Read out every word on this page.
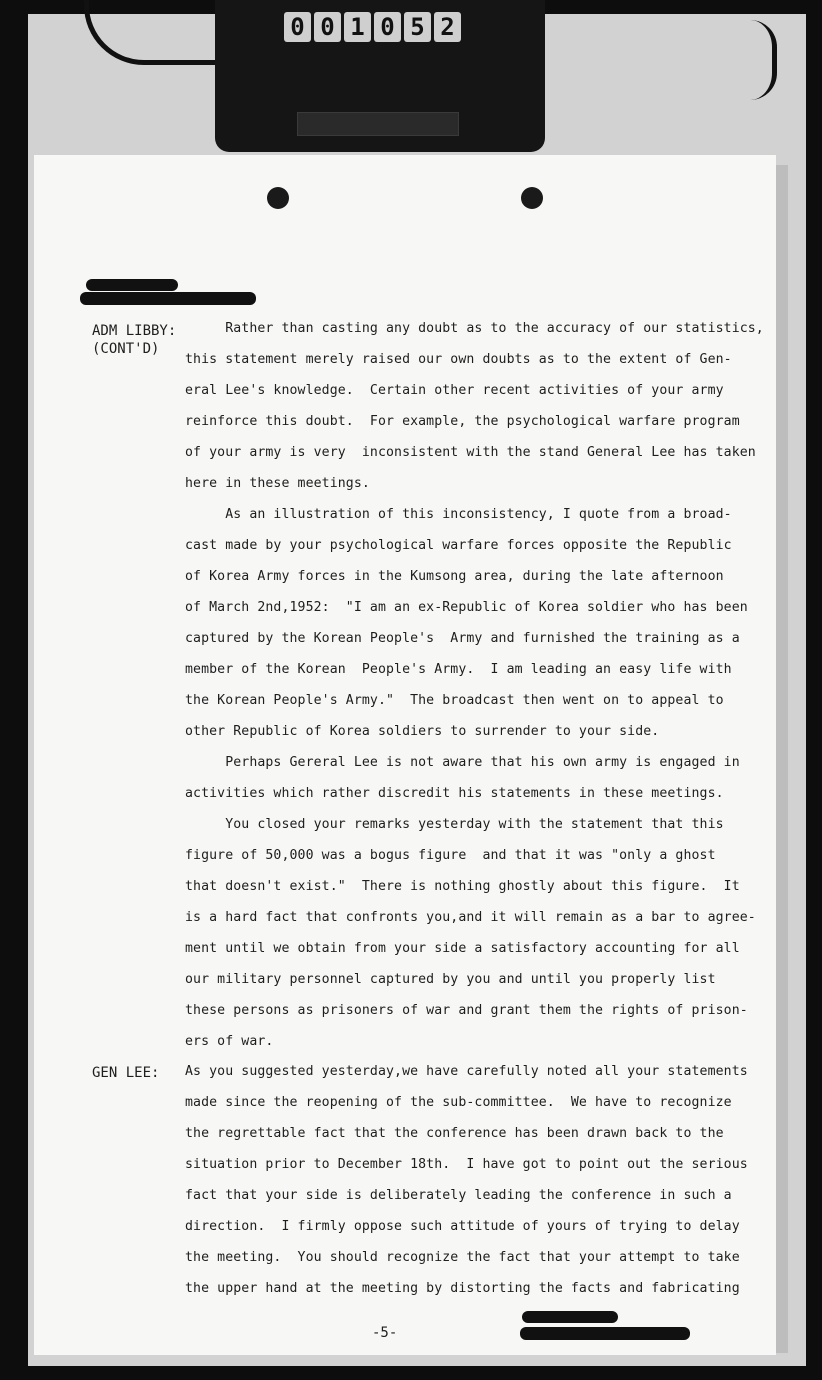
0 0 1 0 5 2
ADM LIBBY:
(CONT'D)
GEN LEE:
Rather than casting any doubt as to the accuracy of our statistics,
this statement merely raised our own doubts as to the extent of Gen-
eral Lee's knowledge.  Certain other recent activities of your army
reinforce this doubt.  For example, the psychological warfare program
of your army is very  inconsistent with the stand General Lee has taken
here in these meetings.
As an illustration of this inconsistency, I quote from a broad-
cast made by your psychological warfare forces opposite the Republic
of Korea Army forces in the Kumsong area, during the late afternoon
of March 2nd,1952:  "I am an ex-Republic of Korea soldier who has been
captured by the Korean People's  Army and furnished the training as a
member of the Korean  People's Army.  I am leading an easy life with
the Korean People's Army."  The broadcast then went on to appeal to
other Republic of Korea soldiers to surrender to your side.
Perhaps Gereral Lee is not aware that his own army is engaged in
activities which rather discredit his statements in these meetings.
You closed your remarks yesterday with the statement that this
figure of 50,000 was a bogus figure  and that it was "only a ghost
that doesn't exist."  There is nothing ghostly about this figure.  It
is a hard fact that confronts you,and it will remain as a bar to agree-
ment until we obtain from your side a satisfactory accounting for all
our military personnel captured by you and until you properly list
these persons as prisoners of war and grant them the rights of prison-
ers of war.
As you suggested yesterday,we have carefully noted all your statements
made since the reopening of the sub-committee.  We have to recognize
the regrettable fact that the conference has been drawn back to the
situation prior to December 18th.  I have got to point out the serious
fact that your side is deliberately leading the conference in such a
direction.  I firmly oppose such attitude of yours of trying to delay
the meeting.  You should recognize the fact that your attempt to take
the upper hand at the meeting by distorting the facts and fabricating
-5-
